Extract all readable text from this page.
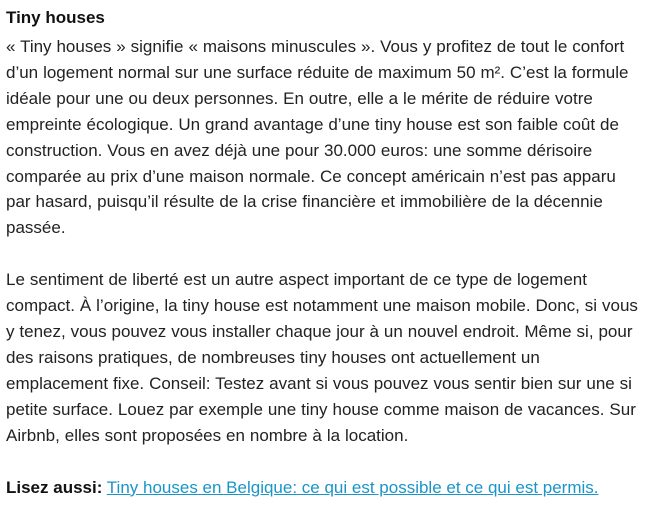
Tiny houses

« Tiny houses » signifie « maisons minuscules ». Vous y profitez de tout le confort d’un logement normal sur une surface réduite de maximum 50 m². C’est la formule idéale pour une ou deux personnes. En outre, elle a le mérite de réduire votre empreinte écologique. Un grand avantage d’une tiny house est son faible coût de construction. Vous en avez déjà une pour 30.000 euros: une somme dérisoire comparée au prix d’une maison normale. Ce concept américain n’est pas apparu par hasard, puisqu’il résulte de la crise financière et immobilière de la décennie passée.

Le sentiment de liberté est un autre aspect important de ce type de logement compact. À l’origine, la tiny house est notamment une maison mobile. Donc, si vous y tenez, vous pouvez vous installer chaque jour à un nouvel endroit. Même si, pour des raisons pratiques, de nombreuses tiny houses ont actuellement un emplacement fixe. Conseil: Testez avant si vous pouvez vous sentir bien sur une si petite surface. Louez par exemple une tiny house comme maison de vacances. Sur Airbnb, elles sont proposées en nombre à la location.

Lisez aussi: Tiny houses en Belgique: ce qui est possible et ce qui est permis.
